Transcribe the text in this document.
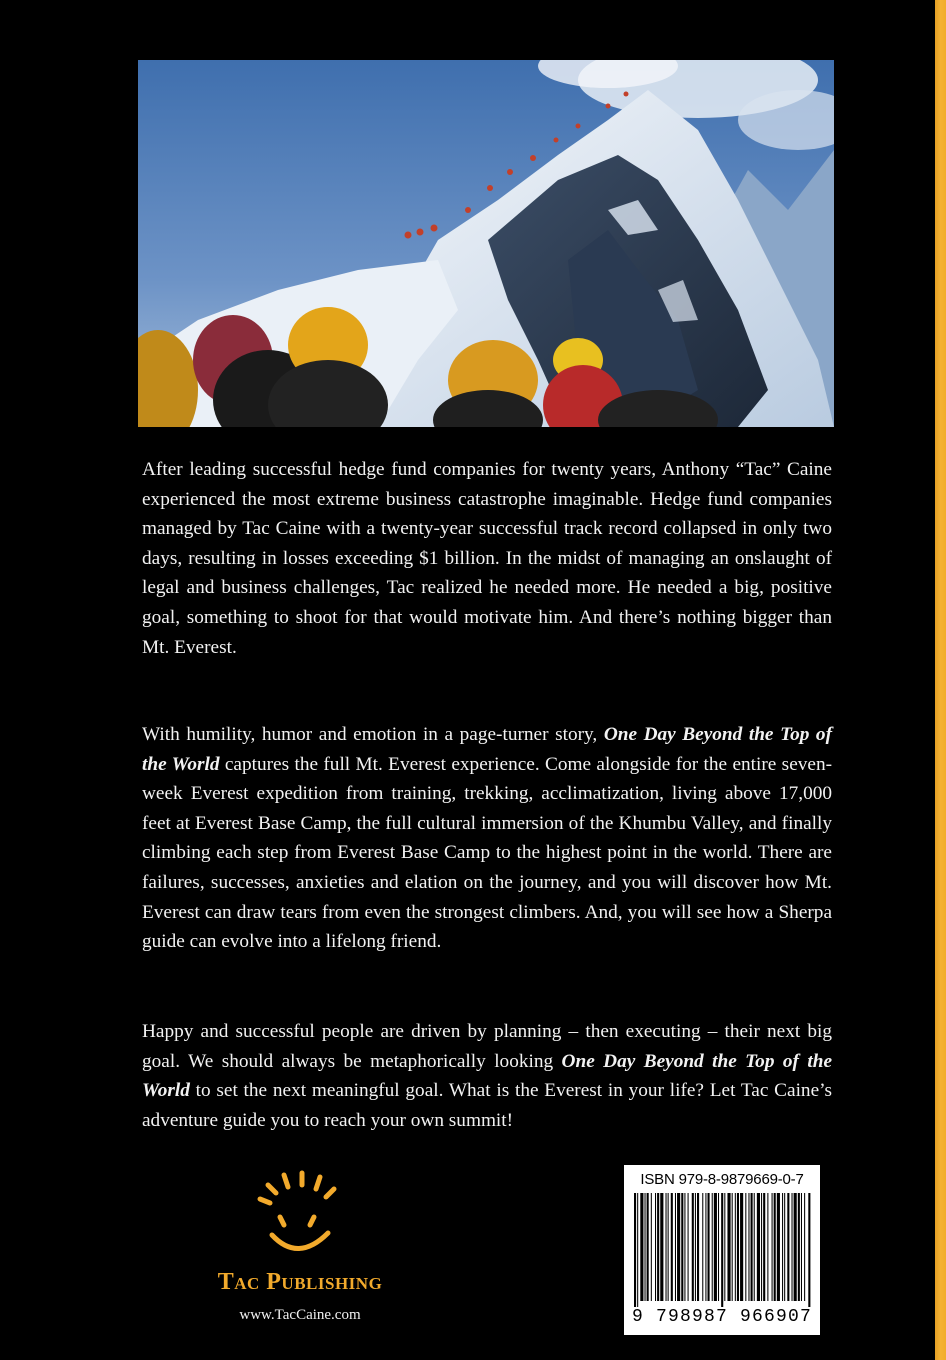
After leading successful hedge fund companies for twenty years, Anthony “Tac” Caine experienced the most extreme business catastrophe imaginable. Hedge fund companies managed by Tac Caine with a twenty-year successful track record collapsed in only two days, resulting in losses exceeding $1 billion. In the midst of managing an onslaught of legal and business challenges, Tac realized he needed more. He needed a big, positive goal, something to shoot for that would motivate him. And there’s nothing bigger than Mt. Everest.

With humility, humor and emotion in a page-turner story, One Day Beyond the Top of the World captures the full Mt. Everest experience. Come alongside for the entire seven-week Everest expedition from training, trekking, acclimatization, living above 17,000 feet at Everest Base Camp, the full cultural immersion of the Khumbu Valley, and finally climbing each step from Everest Base Camp to the highest point in the world. There are failures, successes, anxieties and elation on the journey, and you will discover how Mt. Everest can draw tears from even the strongest climbers. And, you will see how a Sherpa guide can evolve into a lifelong friend.

Happy and successful people are driven by planning – then executing – their next big goal. We should always be metaphorically looking One Day Beyond the Top of the World to set the next meaningful goal. What is the Everest in your life? Let Tac Caine’s adventure guide you to reach your own summit!

Tac Publishing
www.TacCaine.com
ISBN 979-8-9879669-0-7
9 798987 966907
